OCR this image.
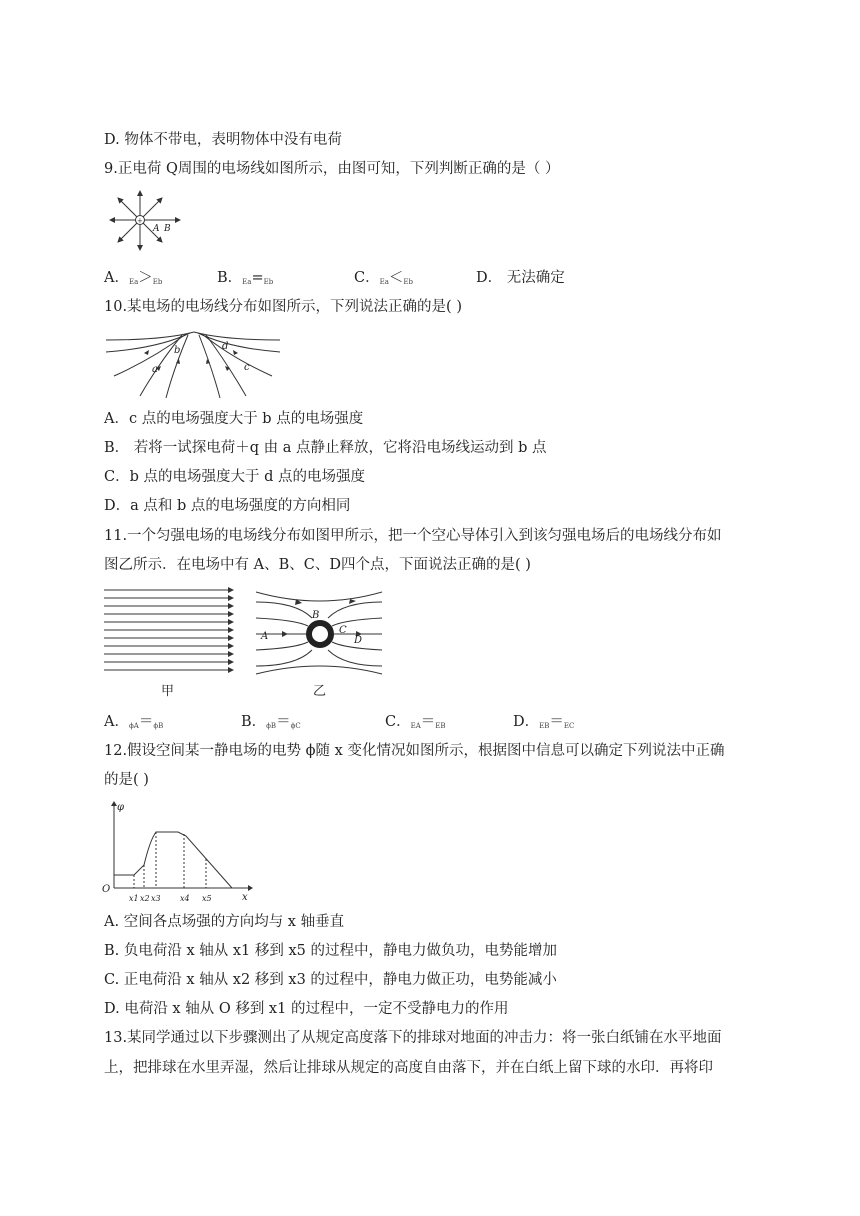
D. 物体不带电，表明物体中没有电荷
9.正电荷 Q周围的电场线如图所示，由图可知，下列判断正确的是（ ）
+
A B
A．$_{Ea}>_{Eb}$	B．$_{Ea}=_{Eb}$	C．$_{Ea}<_{Eb}$	D． 无法确定
10.某电场的电场线分布如图所示，下列说法正确的是( )
b
a
d
c
A．c 点的电场强度大于 b 点的电场强度
B． 若将一试探电荷＋q 由 a 点静止释放，它将沿电场线运动到 b 点
C．b 点的电场强度大于 d 点的电场强度
D．a 点和 b 点的电场强度的方向相同
11.一个匀强电场的电场线分布如图甲所示，把一个空心导体引入到该匀强电场后的电场线分布如
图乙所示．在电场中有 A、B、C、D四个点，下面说法正确的是( )
A
B
C
D
甲	乙
A．$_{\phi A}=_{\phi B}$	B．$_{\phi B}=_{\phi C}$	C．$_{EA}=_{EB}$	D．$_{EB}=_{EC}$
12.假设空间某一静电场的电势 ϕ随 x 变化情况如图所示，根据图中信息可以确定下列说法中正确
的是( )
φ
x
O
x1 x2 x3 x4 x5
A. 空间各点场强的方向均与 x 轴垂直
B. 负电荷沿 x 轴从 x1 移到 x5 的过程中，静电力做负功，电势能增加
C. 正电荷沿 x 轴从 x2 移到 x3 的过程中，静电力做正功，电势能减小
D. 电荷沿 x 轴从 O 移到 x1 的过程中，一定不受静电力的作用
13.某同学通过以下步骤测出了从规定高度落下的排球对地面的冲击力：将一张白纸铺在水平地面
上，把排球在水里弄湿，然后让排球从规定的高度自由落下，并在白纸上留下球的水印．再将印
